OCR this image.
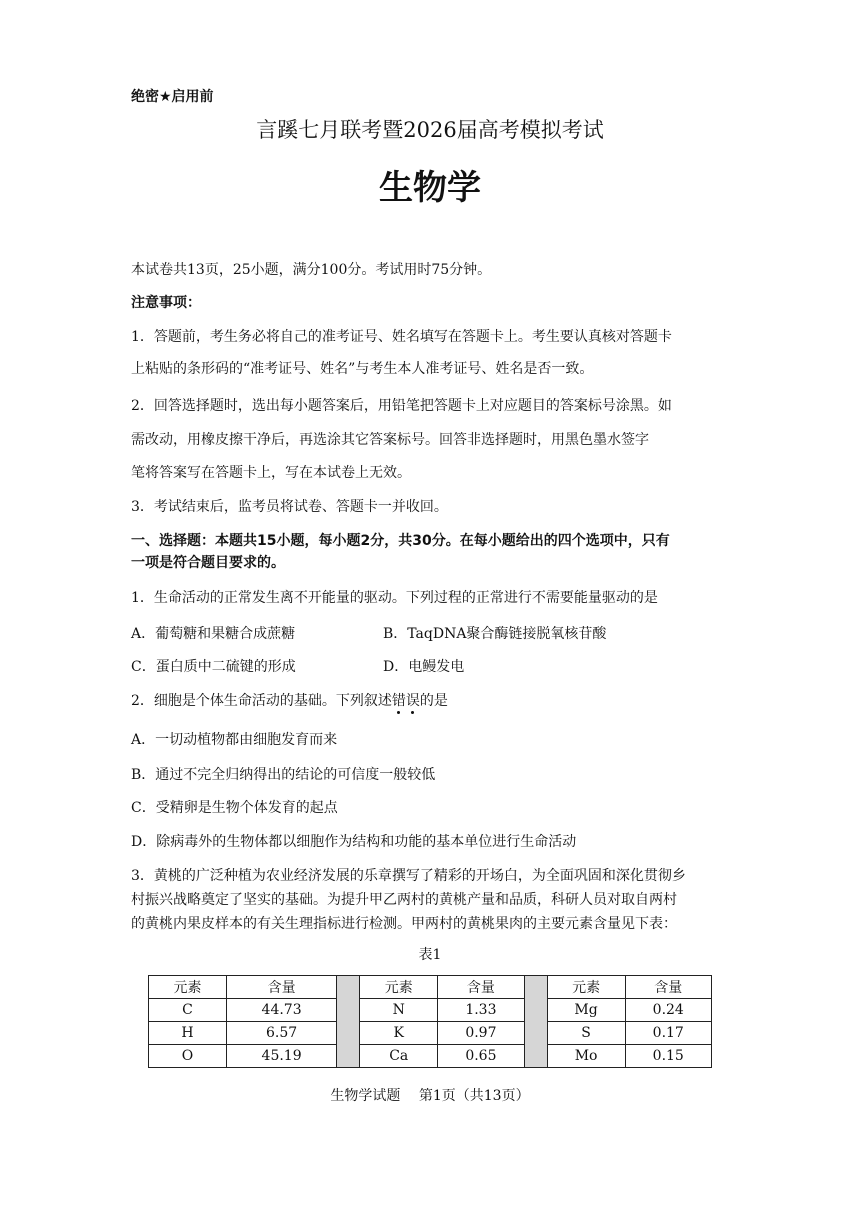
绝密★启用前
言蹊七月联考暨2026届高考模拟考试
生物学
本试卷共13页，25小题，满分100分。考试用时75分钟。
注意事项：
1．答题前，考生务必将自己的准考证号、姓名填写在答题卡上。考生要认真核对答题卡
上粘贴的条形码的“准考证号、姓名”与考生本人准考证号、姓名是否一致。
2．回答选择题时，选出每小题答案后，用铅笔把答题卡上对应题目的答案标号涂黑。如
需改动，用橡皮擦干净后，再选涂其它答案标号。回答非选择题时，用黑色墨水签字
笔将答案写在答题卡上，写在本试卷上无效。
3．考试结束后，监考员将试卷、答题卡一并收回。
一、选择题：本题共15小题，每小题2分，共30分。在每小题给出的四个选项中，只有
一项是符合题目要求的。
1．生命活动的正常发生离不开能量的驱动。下列过程的正常进行不需要能量驱动的是
A．葡萄糖和果糖合成蔗糖	B．TaqDNA聚合酶链接脱氧核苷酸
C．蛋白质中二硫键的形成	D．电鳗发电
2．细胞是个体生命活动的基础。下列叙述错误的是
A．一切动植物都由细胞发育而来
B．通过不完全归纳得出的结论的可信度一般较低
C．受精卵是生物个体发育的起点
D．除病毒外的生物体都以细胞作为结构和功能的基本单位进行生命活动
3．黄桃的广泛种植为农业经济发展的乐章撰写了精彩的开场白，为全面巩固和深化贯彻乡
村振兴战略奠定了坚实的基础。为提升甲乙两村的黄桃产量和品质，科研人员对取自两村
的黄桃内果皮样本的有关生理指标进行检测。甲两村的黄桃果肉的主要元素含量见下表：
表1
元素	含量		元素	含量		元素	含量
C	44.73		N	1.33		Mg	0.24
H	6.57		K	0.97		S	0.17
O	45.19		Ca	0.65		Mo	0.15
生物学试题　 第1页（共13页）
